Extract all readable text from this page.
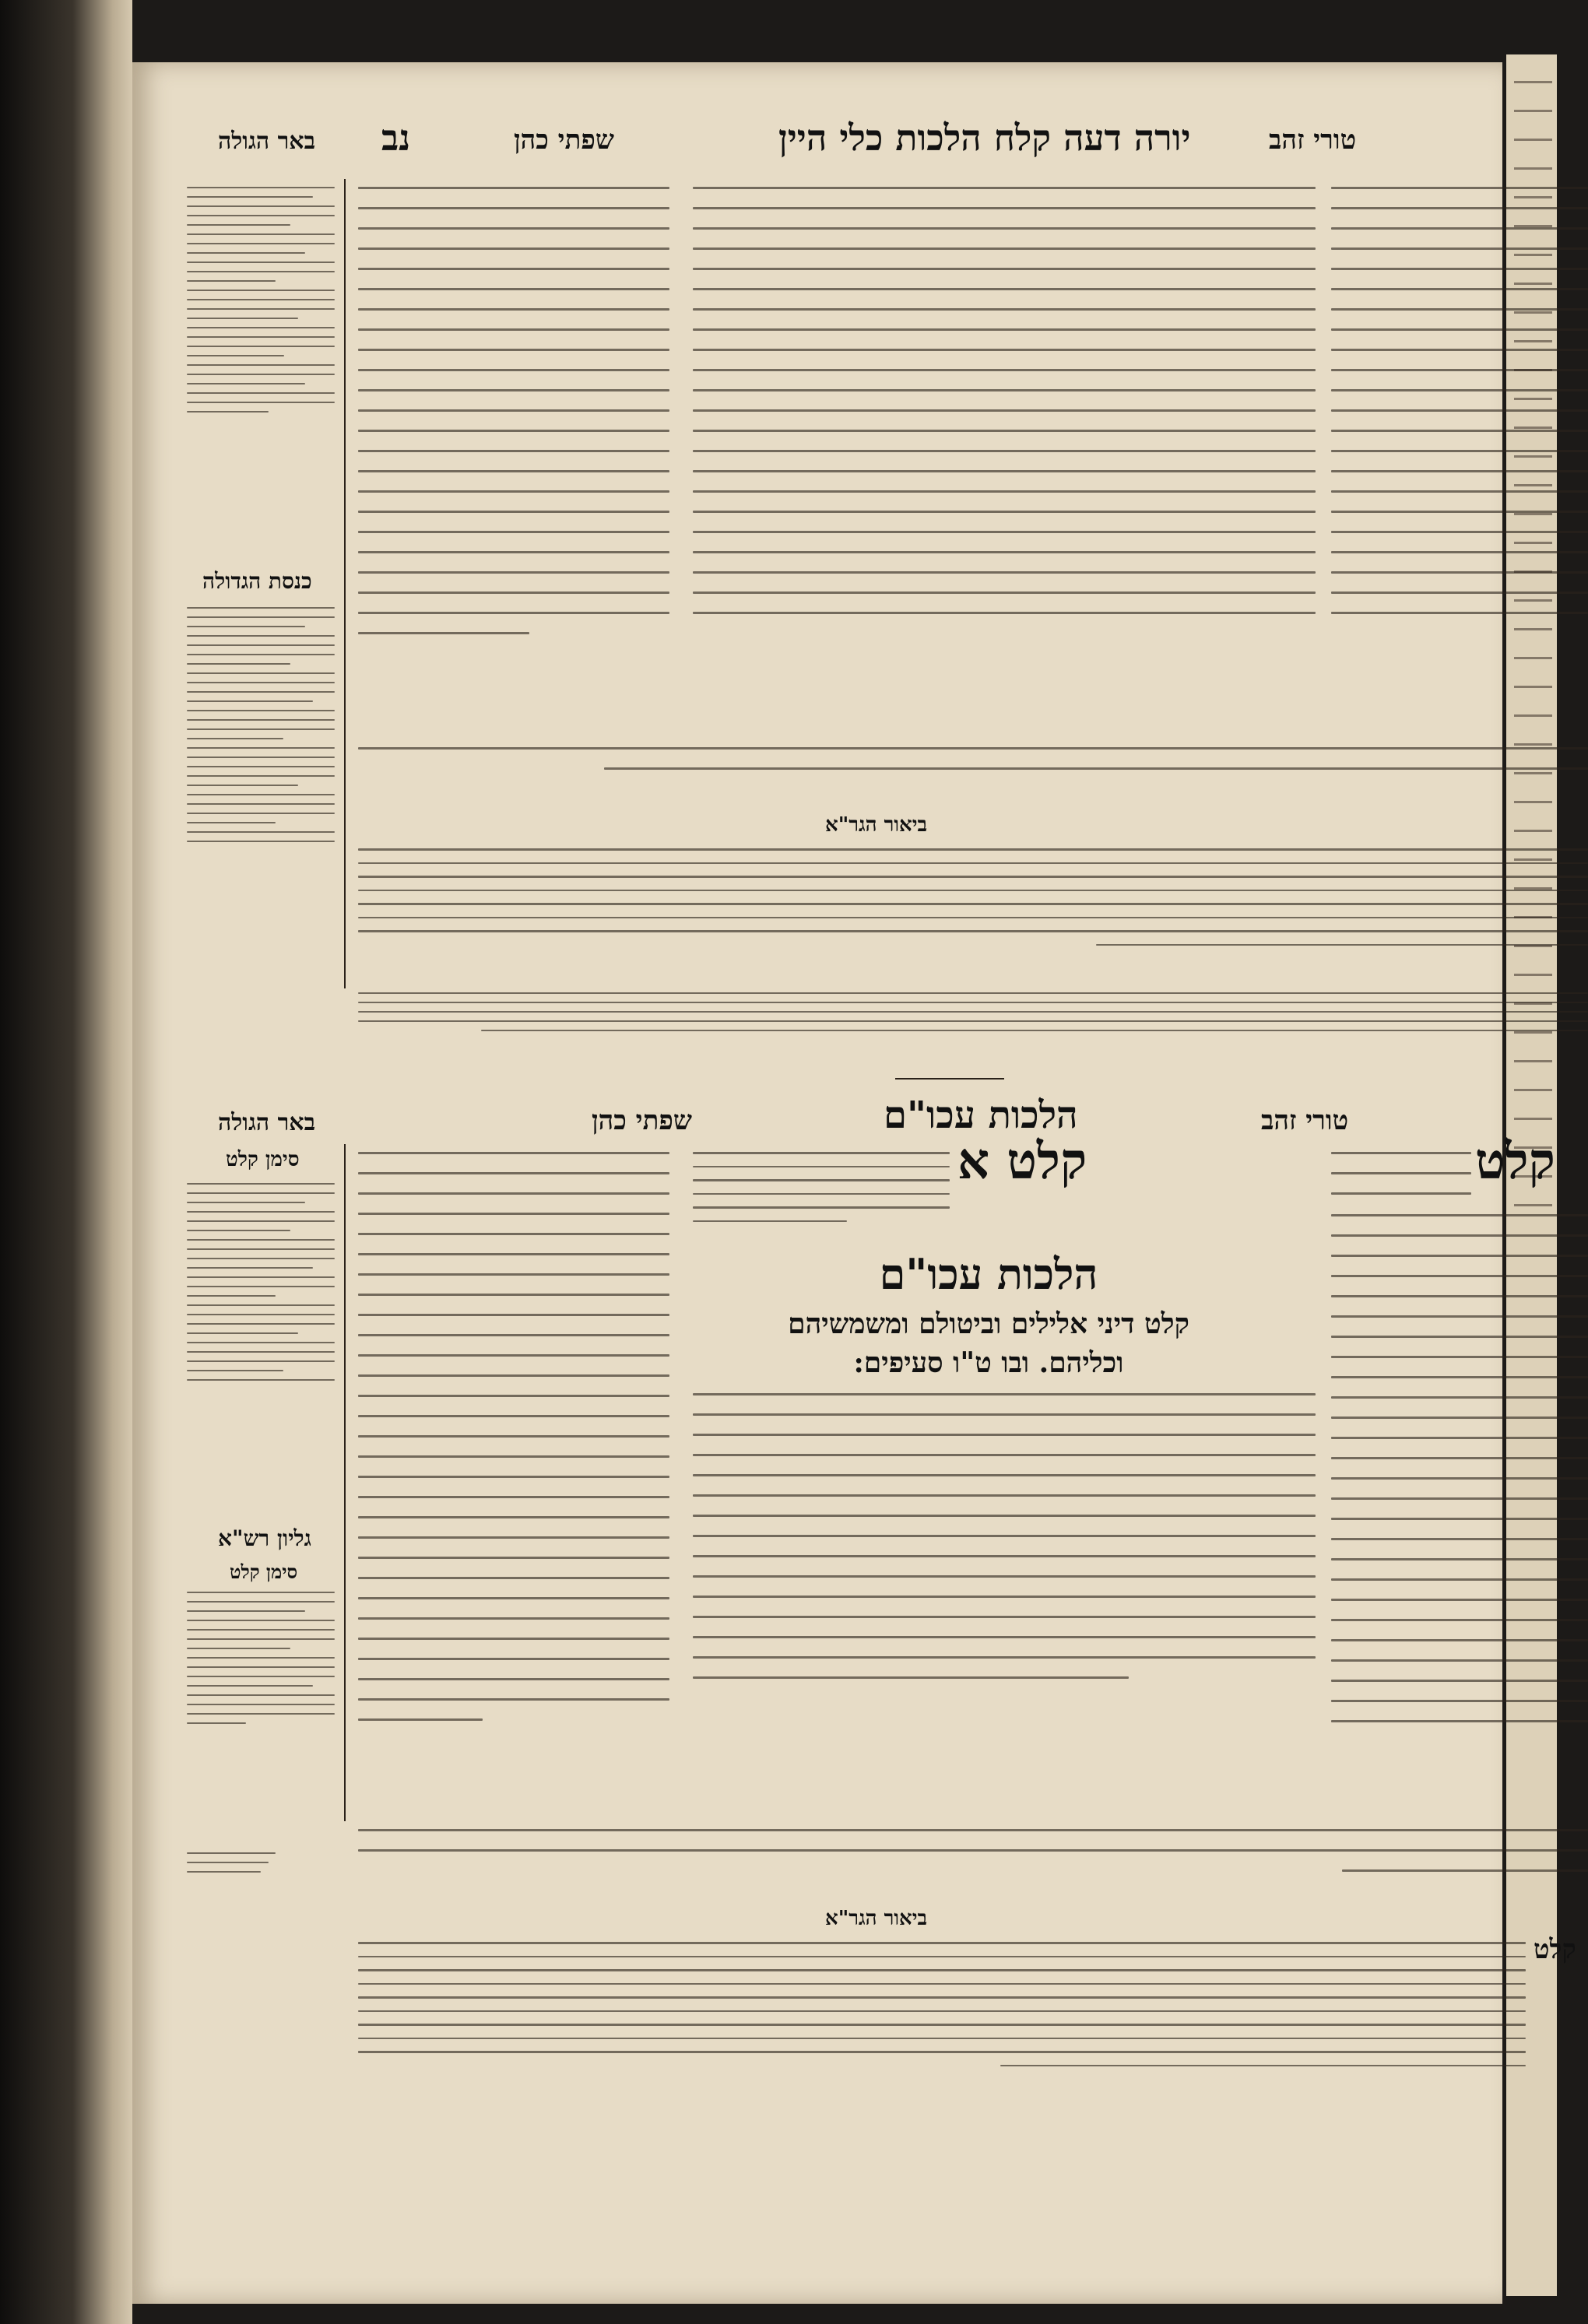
טורי זהב
יורה דעה קלח הלכות כלי היין
שפתי כהן
נב
באר הגולה
כנסת הגדולה
ביאור הגר"א
טורי זהב
הלכות עכו"ם
שפתי כהן
באר הגולה
סימן קלט
גליון רש"א
סימן קלט
קלט א
הלכות עכו"ם
קלט דיני אלילים וביטולם ומשמשיהם
וכליהם. ובו ט"ו סעיפים:
קלט
ביאור הגר"א
קלט
